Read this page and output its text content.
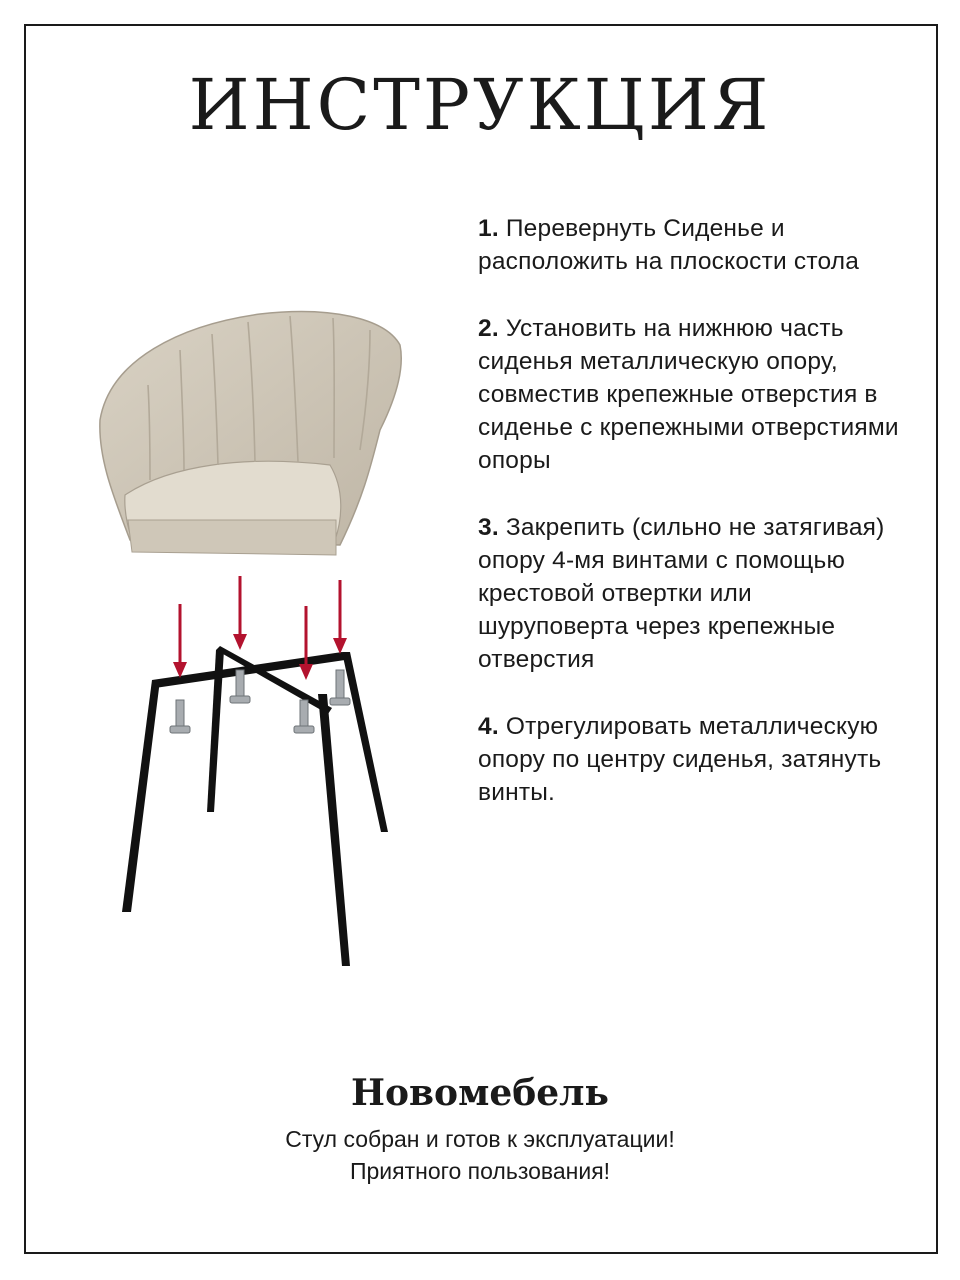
ИНСТРУКЦИЯ

1. Перевернуть Сиденье и расположить на плоскости стола

2. Установить на нижнюю часть сиденья металлическую опору, совместив крепежные отверстия в сиденье с крепежными отверстиями опоры

3. Закрепить (сильно не затягивая) опору 4-мя винтами с помощью крестовой отвертки или шуруповерта через крепежные отверстия

4. Отрегулировать металлическую опору по центру сиденья, затянуть винты.

Новомебель

Стул собран и готов к эксплуатации!

Приятного пользования!
